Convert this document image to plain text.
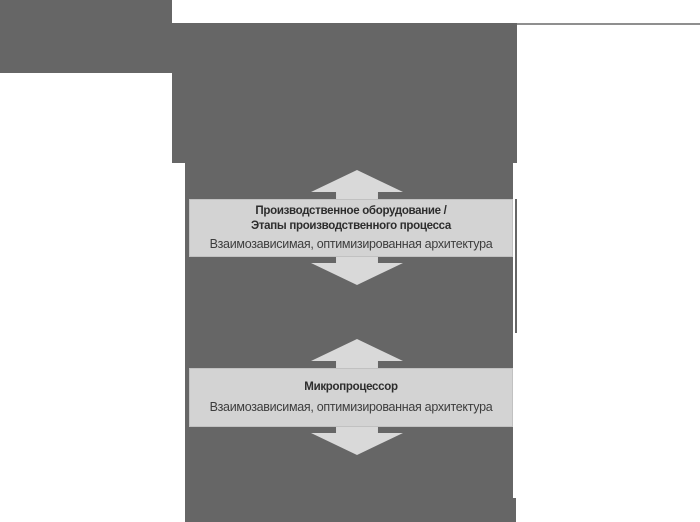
Производственное оборудование /
Этапы производственного процесса
Взаимозависимая, оптимизированная архитектура
Микропроцессор
Взаимозависимая, оптимизированная архитектура
